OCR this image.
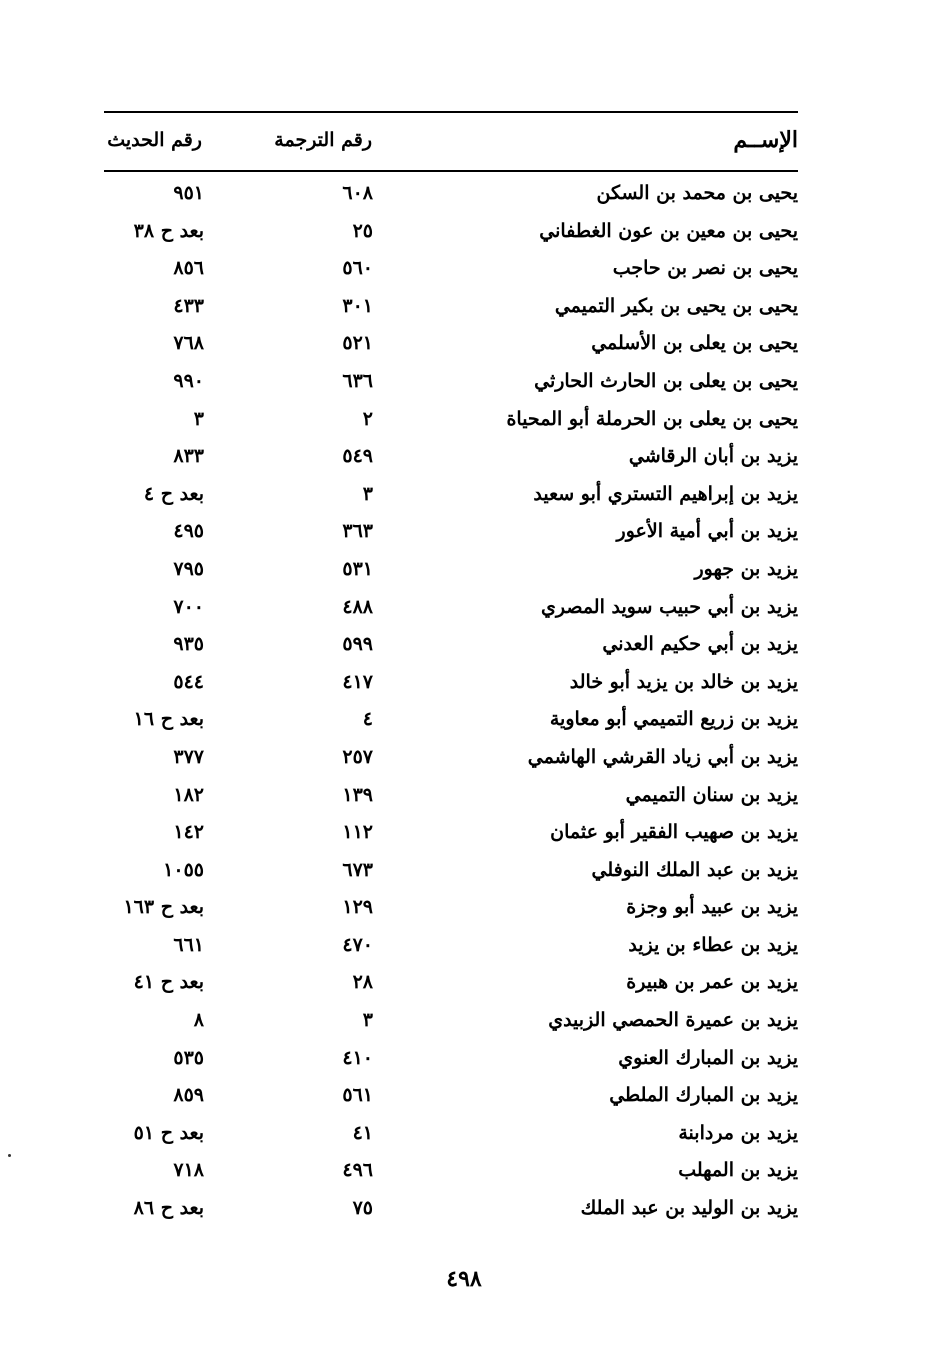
الإســم
رقم الترجمة
رقم الحديث
يحيى بن محمد بن السكن
٦٠٨
٩٥١
يحيى بن معين بن عون الغطفاني
٢٥
بعد ح ٣٨
يحيى بن نصر بن حاجب
٥٦٠
٨٥٦
يحيى بن يحيى بن بكير التميمي
٣٠١
٤٣٣
يحيى بن يعلى بن الأسلمي
٥٢١
٧٦٨
يحيى بن يعلى بن الحارث الحارثي
٦٣٦
٩٩٠
يحيى بن يعلى بن الحرملة أبو المحياة
٢
٣
يزيد بن أبان الرقاشي
٥٤٩
٨٣٣
يزيد بن إبراهيم التستري أبو سعيد
٣
بعد ح ٤
يزيد بن أبي أمية الأعور
٣٦٣
٤٩٥
يزيد بن جهور
٥٣١
٧٩٥
يزيد بن أبي حبيب سويد المصري
٤٨٨
٧٠٠
يزيد بن أبي حكيم العدني
٥٩٩
٩٣٥
يزيد بن خالد بن يزيد أبو خالد
٤١٧
٥٤٤
يزيد بن زريع التميمي أبو معاوية
٤
بعد ح ١٦
يزيد بن أبي زياد القرشي الهاشمي
٢٥٧
٣٧٧
يزيد بن سنان التميمي
١٣٩
١٨٢
يزيد بن صهيب الفقير أبو عثمان
١١٢
١٤٢
يزيد بن عبد الملك النوفلي
٦٧٣
١٠٥٥
يزيد بن عبيد أبو وجزة
١٢٩
بعد ح ١٦٣
يزيد بن عطاء بن يزيد
٤٧٠
٦٦١
يزيد بن عمر بن هبيرة
٢٨
بعد ح ٤١
يزيد بن عميرة الحمصي الزبيدي
٣
٨
يزيد بن المبارك العنوي
٤١٠
٥٣٥
يزيد بن المبارك الملطي
٥٦١
٨٥٩
يزيد بن مردابنة
٤١
بعد ح ٥١
يزيد بن المهلب
٤٩٦
٧١٨
يزيد بن الوليد بن عبد الملك
٧٥
بعد ح ٨٦
٤٩٨
